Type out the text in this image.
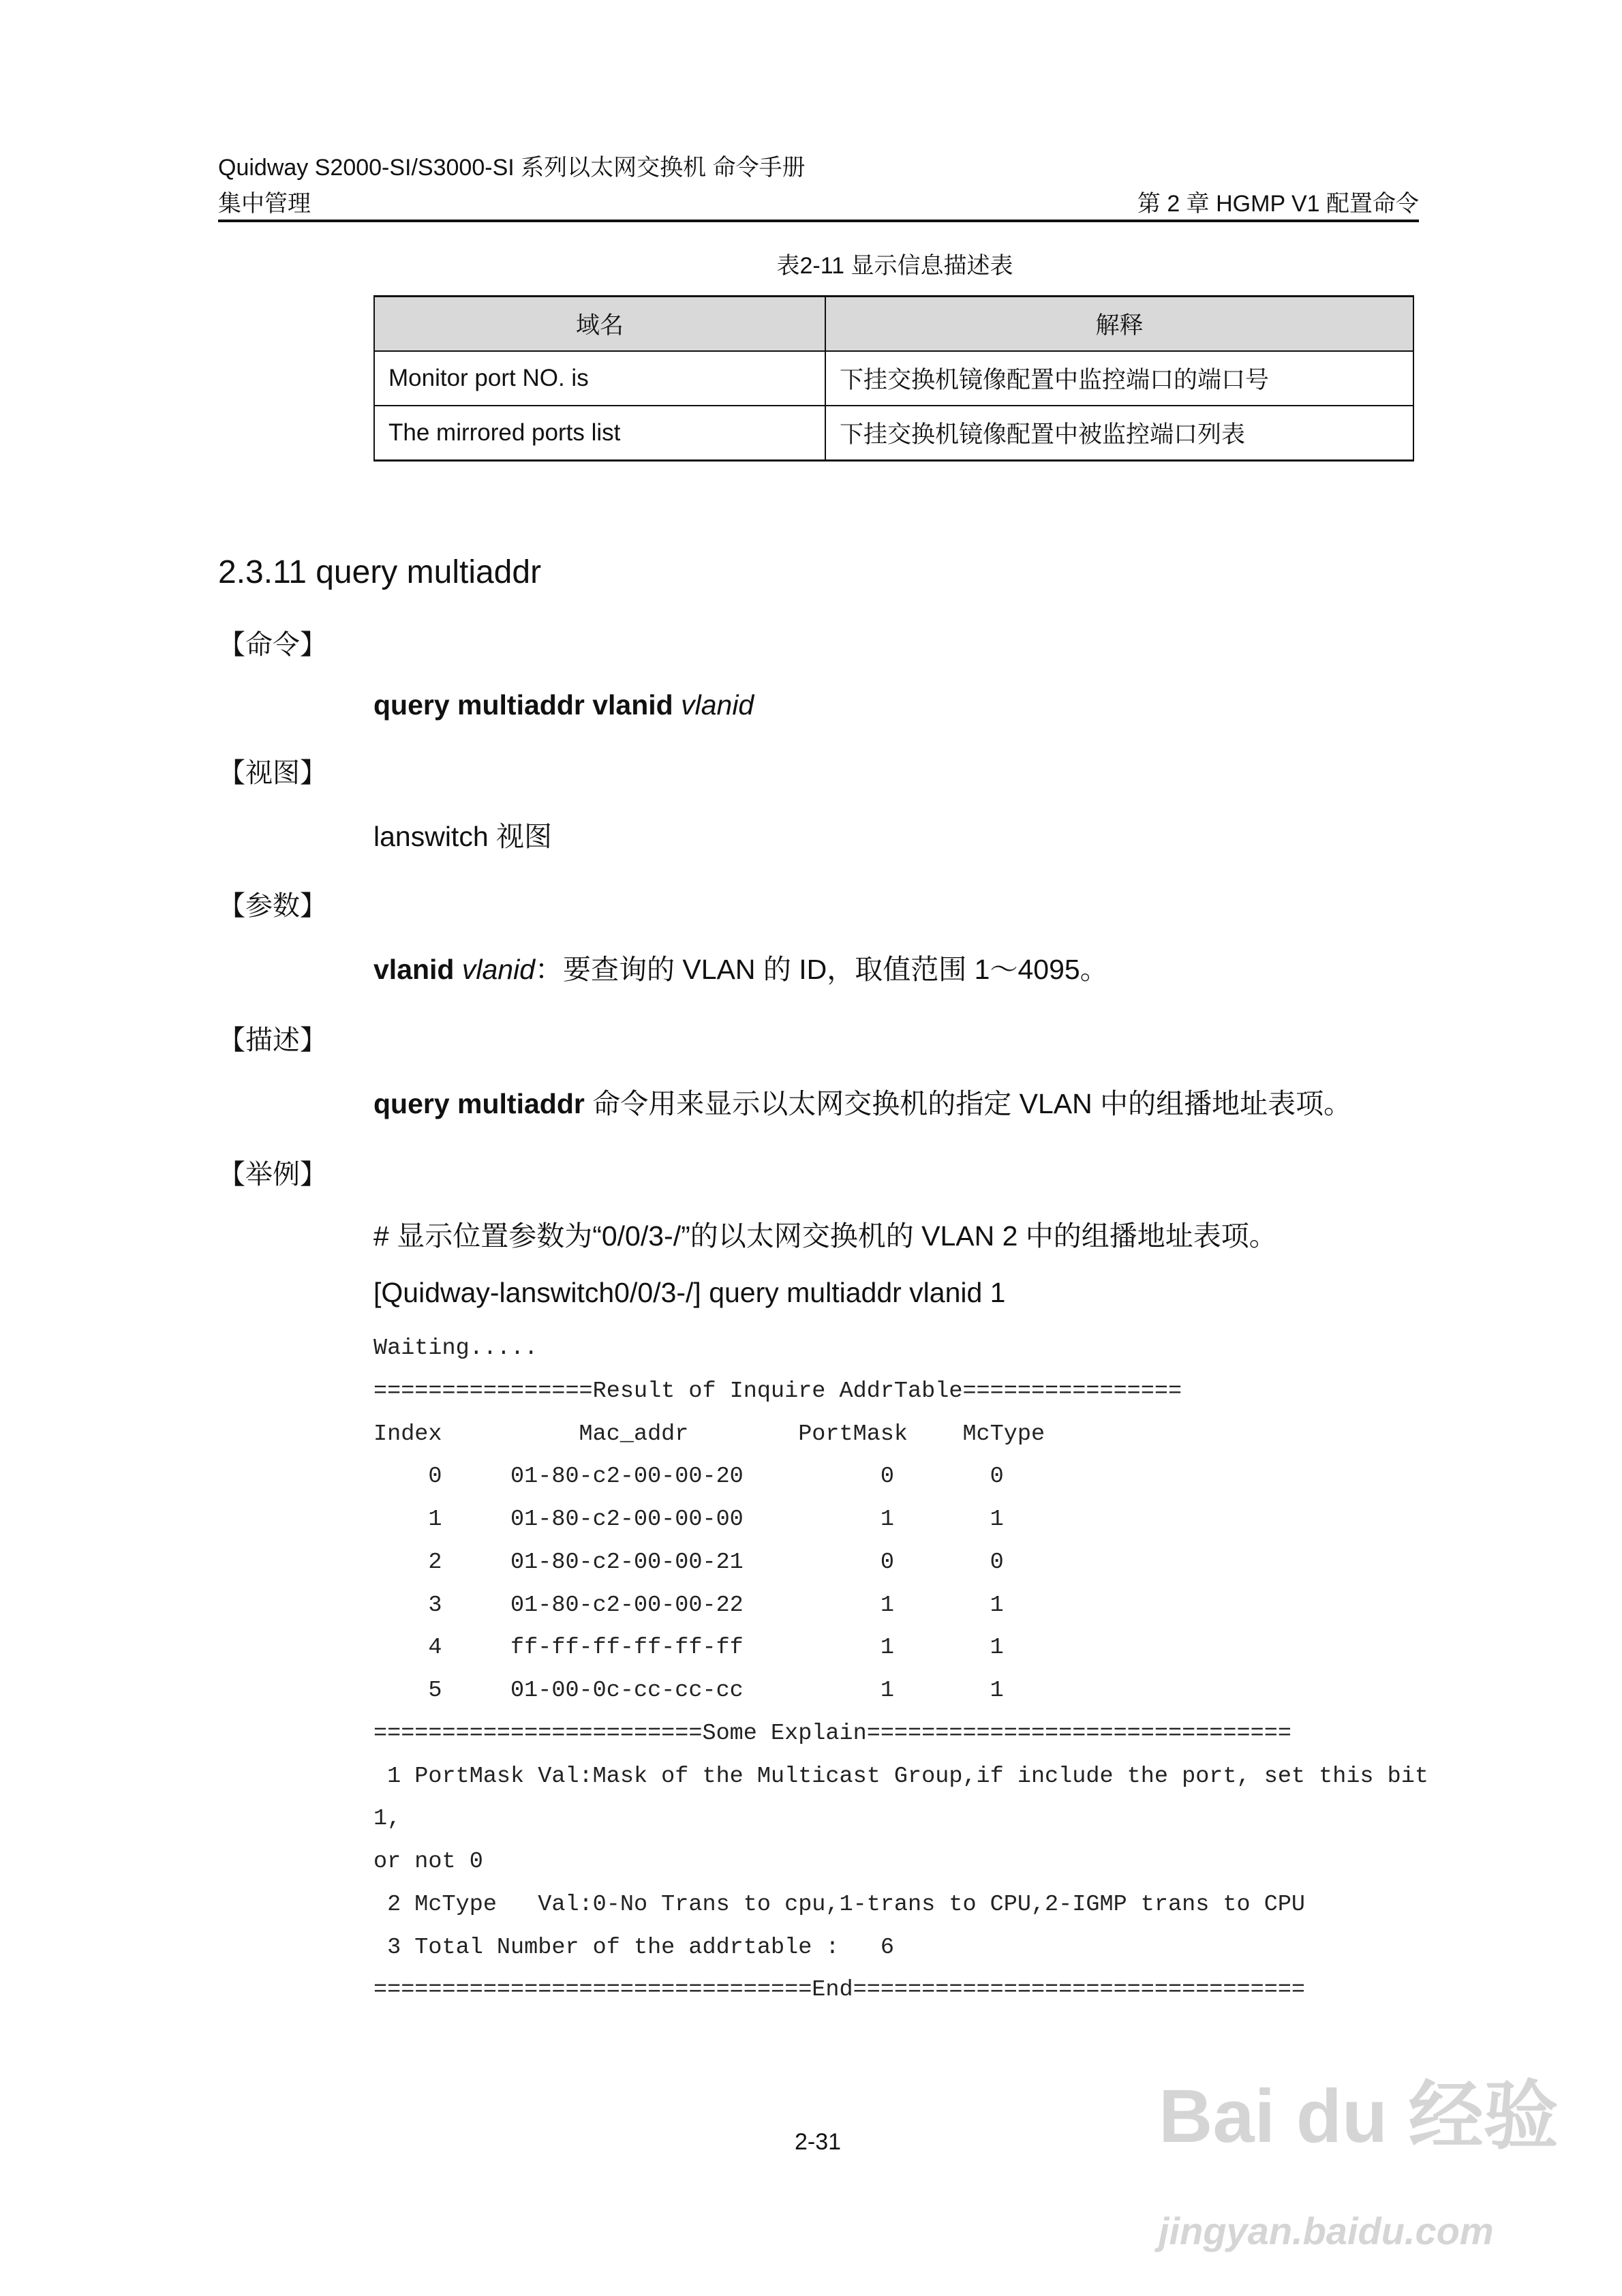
Quidway S2000-SI/S3000-SI 系列以太网交换机 命令手册
集中管理	第 2 章 HGMP V1 配置命令
表2-11 显示信息描述表
域名	解释
Monitor port NO. is	下挂交换机镜像配置中监控端口的端口号
The mirrored ports list	下挂交换机镜像配置中被监控端口列表
2.3.11 query multiaddr
【命令】
query multiaddr vlanid vlanid
【视图】
lanswitch 视图
【参数】
vlanid vlanid：要查询的 VLAN 的 ID，取值范围 1～4095。
【描述】
query multiaddr 命令用来显示以太网交换机的指定 VLAN 中的组播地址表项。
【举例】
# 显示位置参数为“0/0/3-/”的以太网交换机的 VLAN 2 中的组播地址表项。
[Quidway-lanswitch0/0/3-/] query multiaddr vlanid 1
Waiting.....
================Result of Inquire AddrTable================
Index	Mac_addr	PortMask McType
0	01-80-c2-00-00-20	0	0
1	01-80-c2-00-00-00	1	1
2	01-80-c2-00-00-21	0	0
3	01-80-c2-00-00-22	1	1
4	ff-ff-ff-ff-ff-ff	1	1
5	01-00-0c-cc-cc-cc	1	1
========================Some Explain===============================
1 PortMask Val:Mask of the Multicast Group,if include the port, set this bit
1,
or not 0
2 McType   Val:0-No Trans to cpu,1-trans to CPU,2-IGMP trans to CPU
3 Total Number of the addrtable :   6
================================End=================================
2-31	Bai du 经验
jingyan.baidu.com
